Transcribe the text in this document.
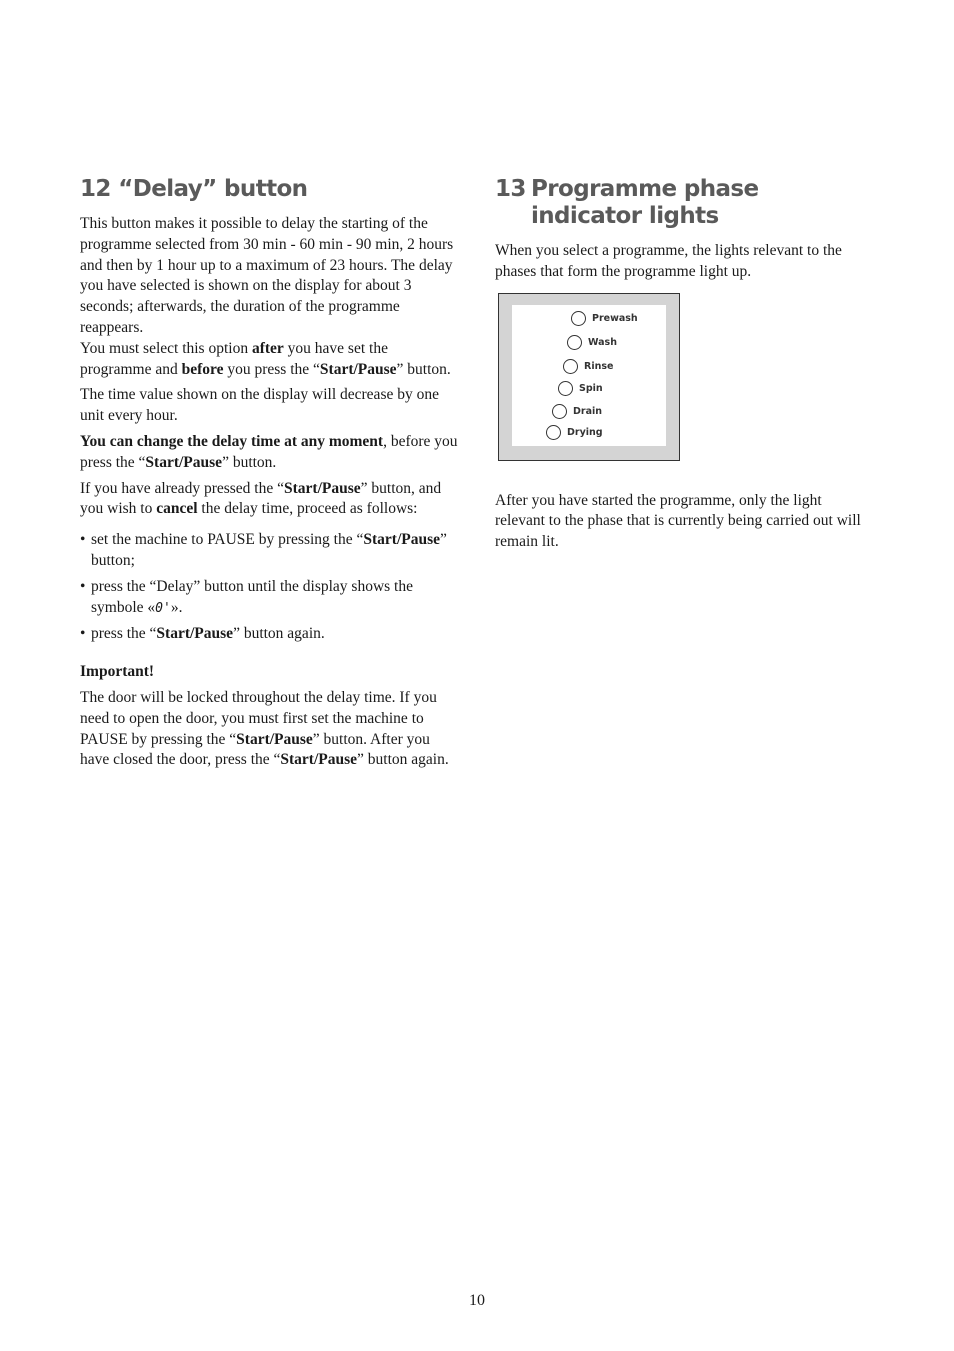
12 “Delay” button

This button makes it possible to delay the starting of the programme selected from 30 min - 60 min - 90 min, 2 hours and then by 1 hour up to a maximum of 23 hours. The delay you have selected is shown on the display for about 3 seconds; afterwards, the duration of the programme reappears.

You must select this option after you have set the programme and before you press the “Start/Pause” button.

The time value shown on the display will decrease by one unit every hour.

You can change the delay time at any moment, before you press the “Start/Pause” button.

If you have already pressed the “Start/Pause” button, and you wish to cancel the delay time, proceed as follows:

• set the machine to PAUSE by pressing the “Start/Pause” button;
• press the “Delay” button until the display shows the symbole «0'».
• press the “Start/Pause” button again.

Important!

The door will be locked throughout the delay time. If you need to open the door, you must first set the machine to PAUSE by pressing the “Start/Pause” button. After you have closed the door, press the “Start/Pause” button again.

13 Programme phase indicator lights

When you select a programme, the lights relevant to the phases that form the programme light up.

Prewash
Wash
Rinse
Spin
Drain
Drying

After you have started the programme, only the light relevant to the phase that is currently being carried out will remain lit.

10
